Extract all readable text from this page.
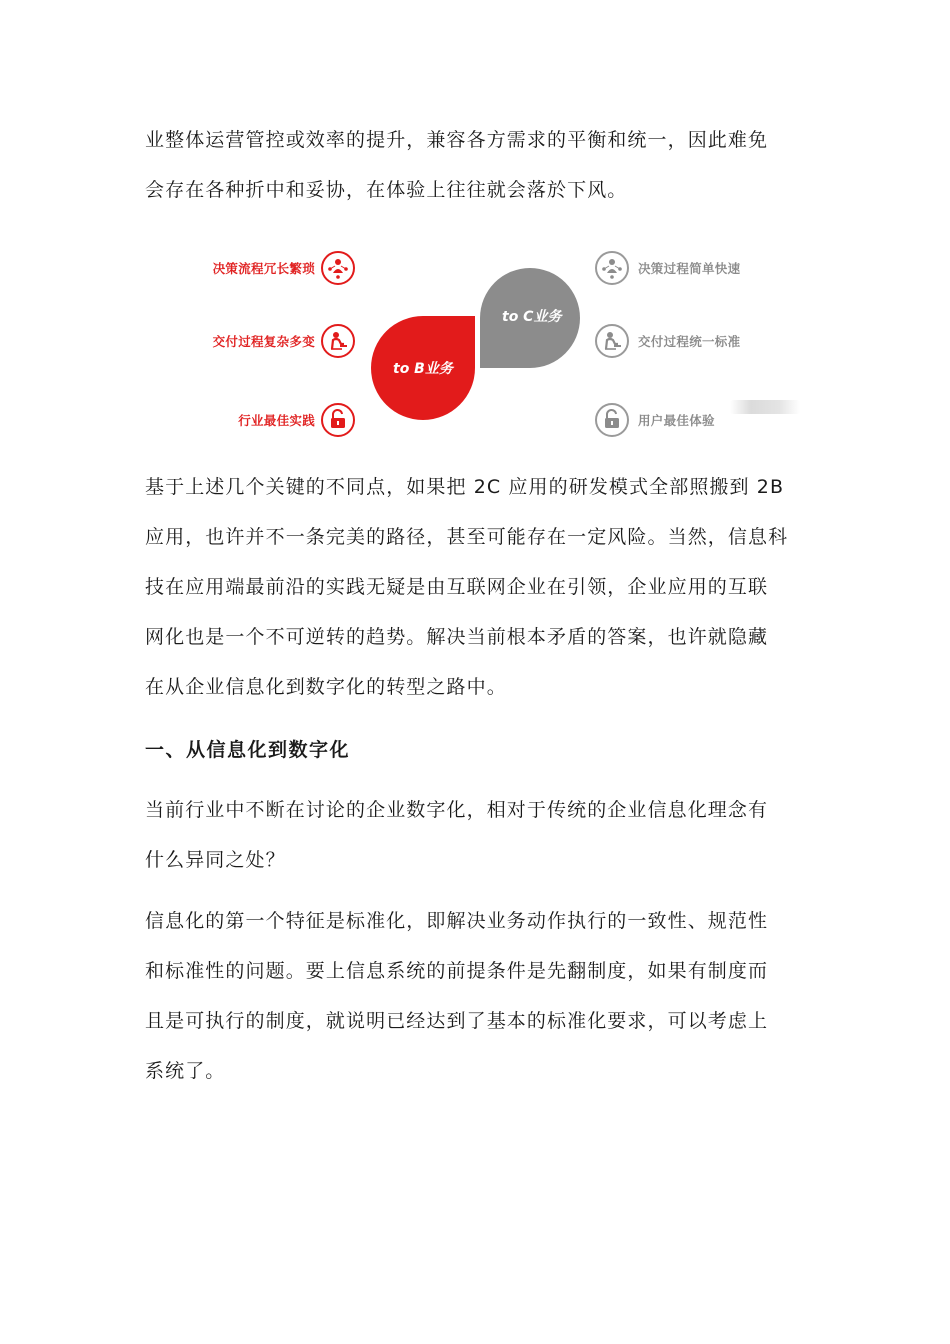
业整体运营管控或效率的提升，兼容各方需求的平衡和统一，因此难免
会存在各种折中和妥协，在体验上往往就会落於下风。

to C业务
to B业务
决策流程冗长繁琐
交付过程复杂多变
行业最佳实践
决策过程简单快速
交付过程统一标准
用户最佳体验

基于上述几个关键的不同点，如果把 2C 应用的研发模式全部照搬到 2B
应用，也许并不一条完美的路径，甚至可能存在一定风险。当然，信息科
技在应用端最前沿的实践无疑是由互联网企业在引领，企业应用的互联
网化也是一个不可逆转的趋势。解决当前根本矛盾的答案，也许就隐藏
在从企业信息化到数字化的转型之路中。

一、从信息化到数字化

当前行业中不断在讨论的企业数字化，相对于传统的企业信息化理念有
什么异同之处？

信息化的第一个特征是标准化，即解决业务动作执行的一致性、规范性
和标准性的问题。要上信息系统的前提条件是先翻制度，如果有制度而
且是可执行的制度，就说明已经达到了基本的标准化要求，可以考虑上
系统了。
